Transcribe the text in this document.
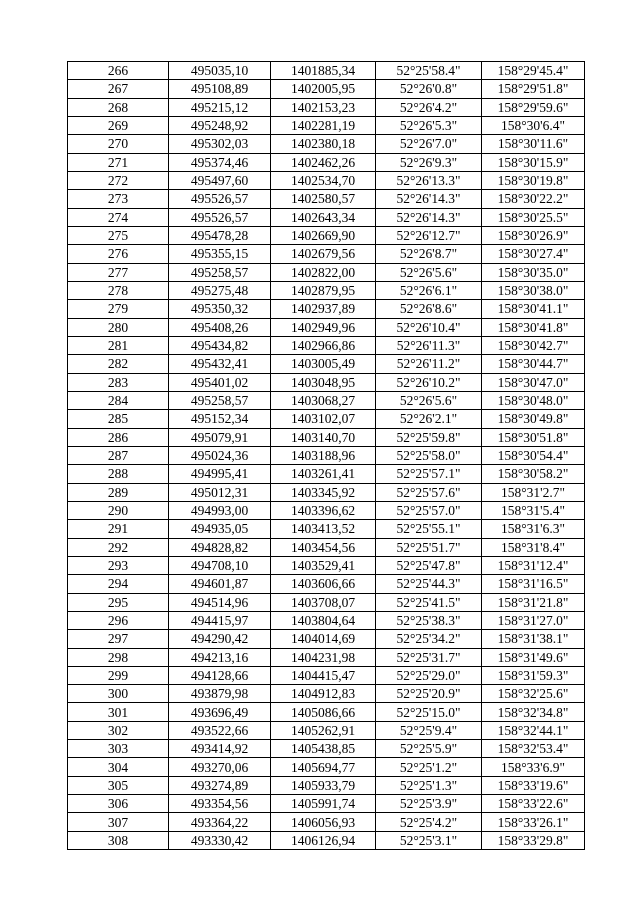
266	495035,10	1401885,34	52°25'58.4"	158°29'45.4"
267	495108,89	1402005,95	52°26'0.8"	158°29'51.8"
268	495215,12	1402153,23	52°26'4.2"	158°29'59.6"
269	495248,92	1402281,19	52°26'5.3"	158°30'6.4"
270	495302,03	1402380,18	52°26'7.0"	158°30'11.6"
271	495374,46	1402462,26	52°26'9.3"	158°30'15.9"
272	495497,60	1402534,70	52°26'13.3"	158°30'19.8"
273	495526,57	1402580,57	52°26'14.3"	158°30'22.2"
274	495526,57	1402643,34	52°26'14.3"	158°30'25.5"
275	495478,28	1402669,90	52°26'12.7"	158°30'26.9"
276	495355,15	1402679,56	52°26'8.7"	158°30'27.4"
277	495258,57	1402822,00	52°26'5.6"	158°30'35.0"
278	495275,48	1402879,95	52°26'6.1"	158°30'38.0"
279	495350,32	1402937,89	52°26'8.6"	158°30'41.1"
280	495408,26	1402949,96	52°26'10.4"	158°30'41.8"
281	495434,82	1402966,86	52°26'11.3"	158°30'42.7"
282	495432,41	1403005,49	52°26'11.2"	158°30'44.7"
283	495401,02	1403048,95	52°26'10.2"	158°30'47.0"
284	495258,57	1403068,27	52°26'5.6"	158°30'48.0"
285	495152,34	1403102,07	52°26'2.1"	158°30'49.8"
286	495079,91	1403140,70	52°25'59.8"	158°30'51.8"
287	495024,36	1403188,96	52°25'58.0"	158°30'54.4"
288	494995,41	1403261,41	52°25'57.1"	158°30'58.2"
289	495012,31	1403345,92	52°25'57.6"	158°31'2.7"
290	494993,00	1403396,62	52°25'57.0"	158°31'5.4"
291	494935,05	1403413,52	52°25'55.1"	158°31'6.3"
292	494828,82	1403454,56	52°25'51.7"	158°31'8.4"
293	494708,10	1403529,41	52°25'47.8"	158°31'12.4"
294	494601,87	1403606,66	52°25'44.3"	158°31'16.5"
295	494514,96	1403708,07	52°25'41.5"	158°31'21.8"
296	494415,97	1403804,64	52°25'38.3"	158°31'27.0"
297	494290,42	1404014,69	52°25'34.2"	158°31'38.1"
298	494213,16	1404231,98	52°25'31.7"	158°31'49.6"
299	494128,66	1404415,47	52°25'29.0"	158°31'59.3"
300	493879,98	1404912,83	52°25'20.9"	158°32'25.6"
301	493696,49	1405086,66	52°25'15.0"	158°32'34.8"
302	493522,66	1405262,91	52°25'9.4"	158°32'44.1"
303	493414,92	1405438,85	52°25'5.9"	158°32'53.4"
304	493270,06	1405694,77	52°25'1.2"	158°33'6.9"
305	493274,89	1405933,79	52°25'1.3"	158°33'19.6"
306	493354,56	1405991,74	52°25'3.9"	158°33'22.6"
307	493364,22	1406056,93	52°25'4.2"	158°33'26.1"
308	493330,42	1406126,94	52°25'3.1"	158°33'29.8"
